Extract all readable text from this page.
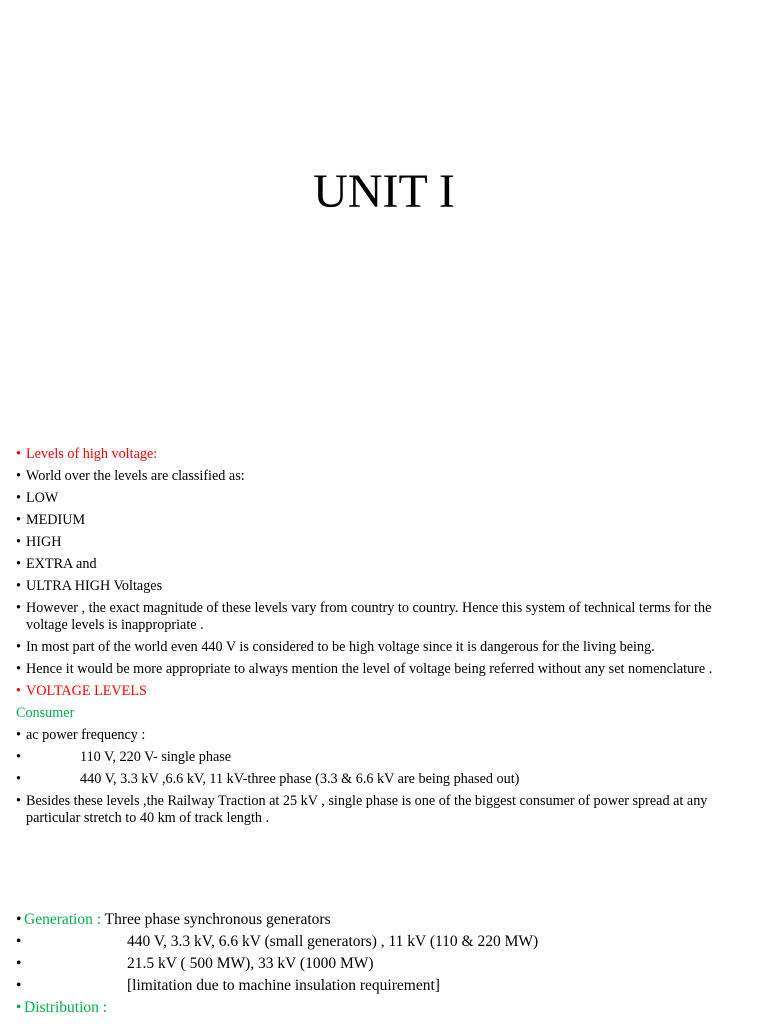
UNIT I
• Levels of high voltage:
• World over the levels are classified as:
• LOW
• MEDIUM
• HIGH
• EXTRA and
• ULTRA HIGH Voltages
• However , the exact magnitude of these levels vary from country to country. Hence this system of technical terms for the voltage levels is inappropriate .
• In most part of the world even 440 V is considered to be high voltage since it is dangerous for the living being.
• Hence it would be more appropriate to always mention the level of voltage being referred without any set nomenclature .
• VOLTAGE LEVELS
Consumer
• ac power frequency :
•	110 V, 220 V- single phase
•	440 V, 3.3 kV ,6.6 kV, 11 kV-three phase (3.3 & 6.6 kV are being phased out)
• Besides these levels ,the Railway Traction at 25 kV , single phase is one of the biggest consumer of power spread at any particular stretch to 40 km of track length .
• Generation : Three phase synchronous generators
•	440 V, 3.3 kV, 6.6 kV (small generators) , 11 kV (110 & 220 MW)
•	21.5 kV ( 500 MW), 33 kV (1000 MW)
•	[limitation due to machine insulation requirement]
• Distribution :
